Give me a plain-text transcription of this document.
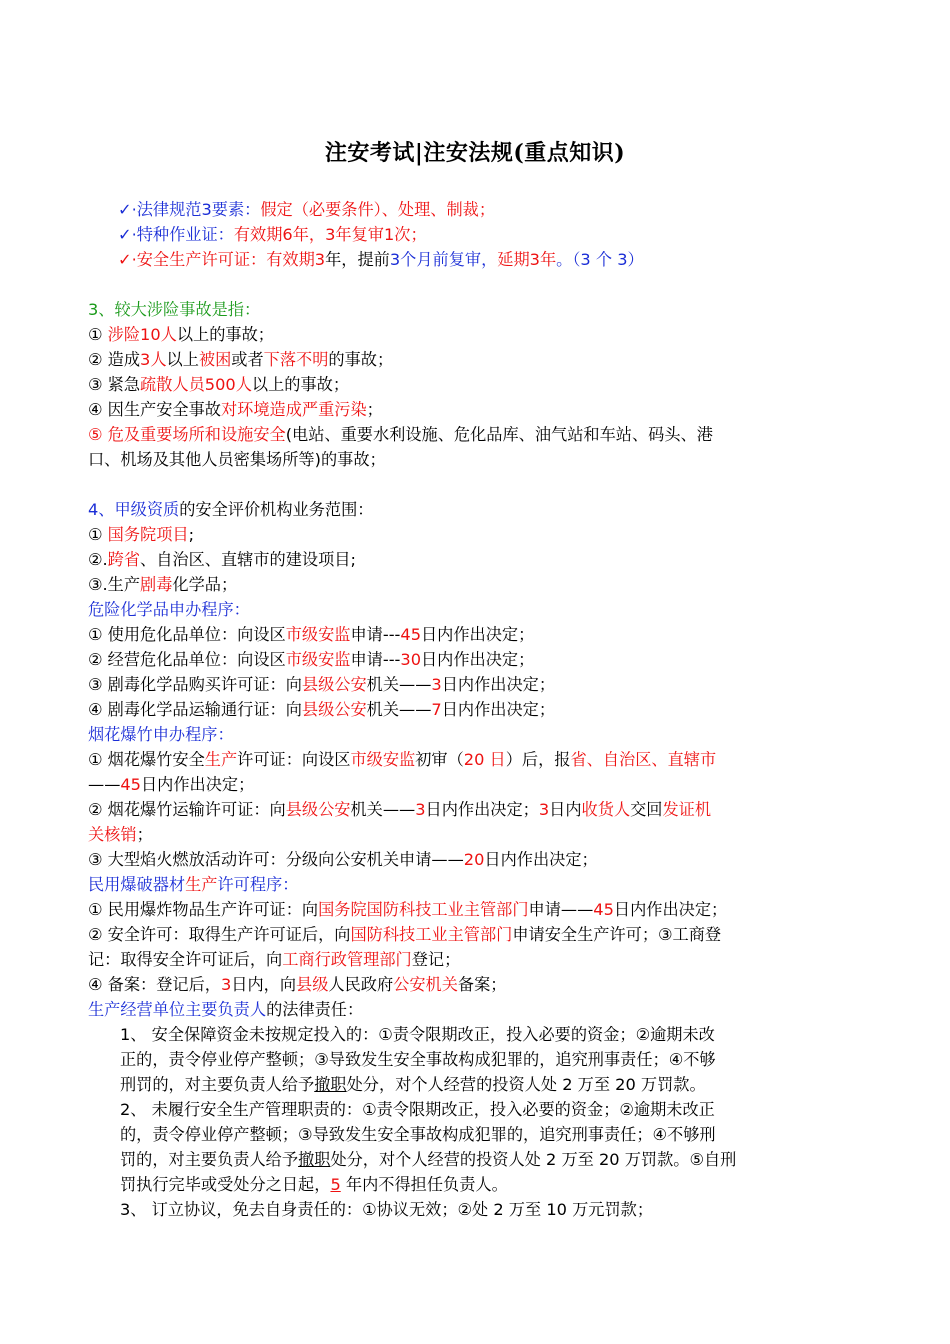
注安考试|注安法规(重点知识)
✓·法律规范3要素：假定（必要条件）、处理、制裁；
✓·特种作业证：有效期6年，3年复审1次；
✓·安全生产许可证：有效期3年，提前3个月前复审，延期3年。（3 个 3）
3、较大涉险事故是指：
① 涉险10人以上的事故；
② 造成3人以上被困或者下落不明的事故；
③ 紧急疏散人员500人以上的事故；
④ 因生产安全事故对环境造成严重污染；
⑤ 危及重要场所和设施安全(电站、重要水利设施、危化品库、油气站和车站、码头、港
口、机场及其他人员密集场所等)的事故；
4、甲级资质的安全评价机构业务范围：
① 国务院项目;
②.跨省、自治区、直辖市的建设项目;
③.生产剧毒化学品；
危险化学品申办程序：
① 使用危化品单位：向设区市级安监申请---45日内作出决定；
② 经营危化品单位：向设区市级安监申请---30日内作出决定；
③ 剧毒化学品购买许可证：向县级公安机关——3日内作出决定；
④ 剧毒化学品运输通行证：向县级公安机关——7日内作出决定；
烟花爆竹申办程序：
① 烟花爆竹安全生产许可证：向设区市级安监初审（20 日）后，报省、自治区、直辖市
——45日内作出决定；
② 烟花爆竹运输许可证：向县级公安机关——3日内作出决定；3日内收货人交回发证机
关核销；
③ 大型焰火燃放活动许可：分级向公安机关申请——20日内作出决定；
民用爆破器材生产许可程序：
① 民用爆炸物品生产许可证：向国务院国防科技工业主管部门申请——45日内作出决定；
② 安全许可：取得生产许可证后，向国防科技工业主管部门申请安全生产许可；③工商登
记：取得安全许可证后，向工商行政管理部门登记；
④ 备案：登记后，3日内，向县级人民政府公安机关备案；
生产经营单位主要负责人的法律责任：
1、 安全保障资金未按规定投入的：①责令限期改正，投入必要的资金；②逾期未改
正的，责令停业停产整顿；③导致发生安全事故构成犯罪的，追究刑事责任；④不够
刑罚的，对主要负责人给予撤职处分，对个人经营的投资人处 2 万至 20 万罚款。
2、 未履行安全生产管理职责的：①责令限期改正，投入必要的资金；②逾期未改正
的，责令停业停产整顿；③导致发生安全事故构成犯罪的，追究刑事责任；④不够刑
罚的，对主要负责人给予撤职处分，对个人经营的投资人处 2 万至 20 万罚款。⑤自刑
罚执行完毕或受处分之日起，5 年内不得担任负责人。
3、 订立协议，免去自身责任的：①协议无效；②处 2 万至 10 万元罚款；
